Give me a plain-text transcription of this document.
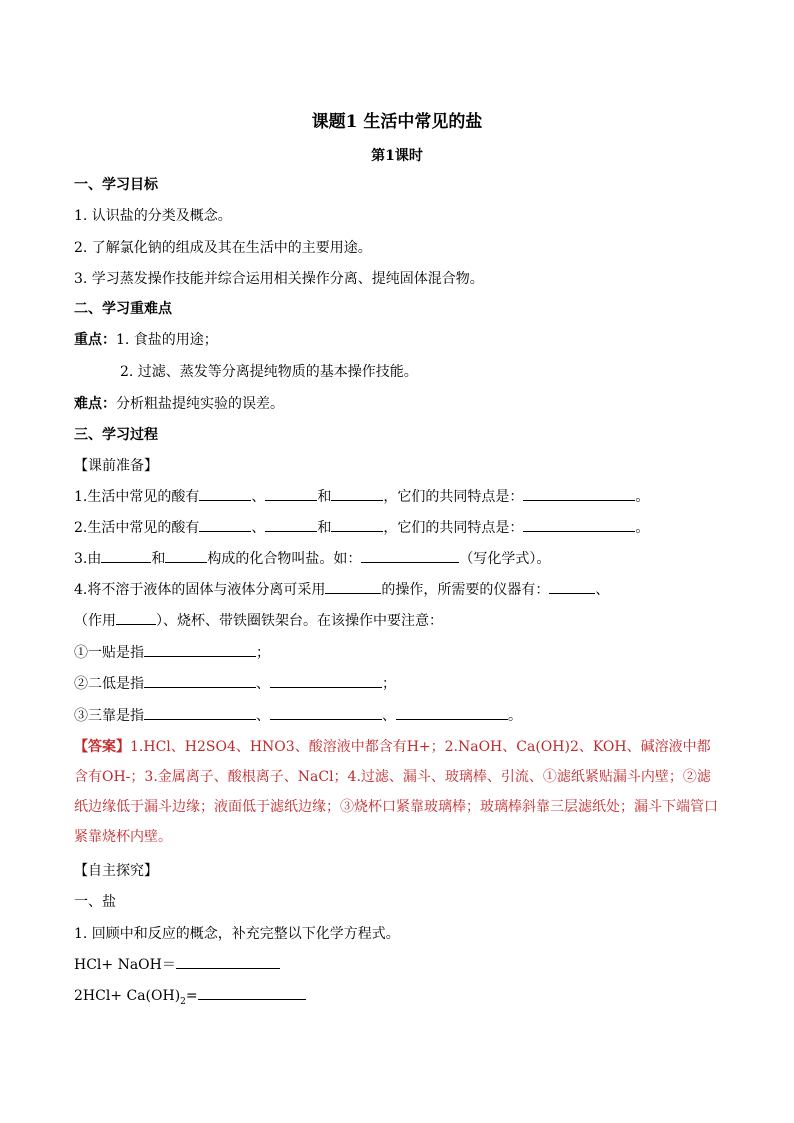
课题1 生活中常见的盐
第1课时
一、学习目标
1. 认识盐的分类及概念。
2. 了解氯化钠的组成及其在生活中的主要用途。
3. 学习蒸发操作技能并综合运用相关操作分离、提纯固体混合物。
二、学习重难点
重点：1. 食盐的用途；
2. 过滤、蒸发等分离提纯物质的基本操作技能。
难点：分析粗盐提纯实验的误差。
三、学习过程
【课前准备】
1.生活中常见的酸有	、	和	，它们的共同特点是：	。
2.生活中常见的酸有	、	和	，它们的共同特点是：	。
3.由	和	构成的化合物叫盐。如：	（写化学式）。
4.将不溶于液体的固体与液体分离可采用	的操作，所需要的仪器有：	、
（作用	）、烧杯、带铁圈铁架台。在该操作中要注意：
①一贴是指	；
②二低是指	、	；
③三靠是指	、	、	。
【答案】1.HCl、H2SO4、HNO3、酸溶液中都含有H+；2.NaOH、Ca(OH)2、KOH、碱溶液中都含有OH-；3.金属离子、酸根离子、NaCl；4.过滤、漏斗、玻璃棒、引流、①滤纸紧贴漏斗内壁；②滤纸边缘低于漏斗边缘；液面低于滤纸边缘；③烧杯口紧靠玻璃棒；玻璃棒斜靠三层滤纸处；漏斗下端管口紧靠烧杯内壁。
【自主探究】
一、盐
1. 回顾中和反应的概念，补充完整以下化学方程式。
HCl+ NaOH＝
$2HCl+ Ca(OH)_2=$
